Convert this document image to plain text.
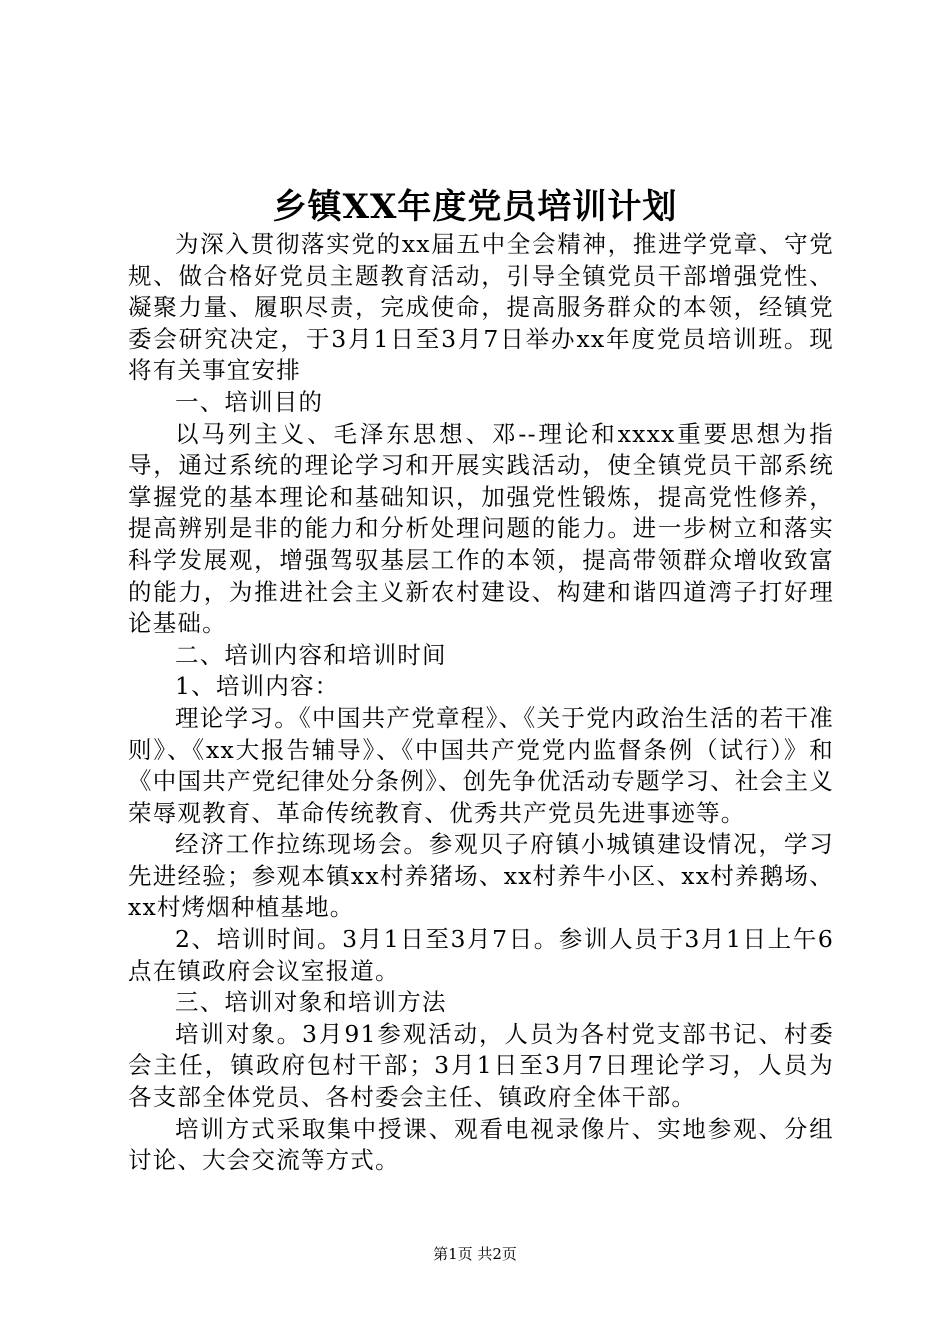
乡镇XX年度党员培训计划

为深入贯彻落实党的xx届五中全会精神，推进学党章、守党规、做合格好党员主题教育活动，引导全镇党员干部增强党性、凝聚力量、履职尽责，完成使命，提高服务群众的本领，经镇党委会研究决定，于3月1日至3月7日举办xx年度党员培训班。现将有关事宜安排

一、培训目的

以马列主义、毛泽东思想、邓--理论和xxxx重要思想为指导，通过系统的理论学习和开展实践活动，使全镇党员干部系统掌握党的基本理论和基础知识，加强党性锻炼，提高党性修养，提高辨别是非的能力和分析处理问题的能力。进一步树立和落实科学发展观，增强驾驭基层工作的本领，提高带领群众增收致富的能力，为推进社会主义新农村建设、构建和谐四道湾子打好理论基础。

二、培训内容和培训时间

1、培训内容：

理论学习。《中国共产党章程》、《关于党内政治生活的若干准则》、《xx大报告辅导》、《中国共产党党内监督条例（试行）》和《中国共产党纪律处分条例》、创先争优活动专题学习、社会主义荣辱观教育、革命传统教育、优秀共产党员先进事迹等。

经济工作拉练现场会。参观贝子府镇小城镇建设情况，学习先进经验；参观本镇xx村养猪场、xx村养牛小区、xx村养鹅场、xx村烤烟种植基地。

2、培训时间。3月1日至3月7日。参训人员于3月1日上午6点在镇政府会议室报道。

三、培训对象和培训方法

培训对象。3月91参观活动，人员为各村党支部书记、村委会主任，镇政府包村干部；3月1日至3月7日理论学习，人员为各支部全体党员、各村委会主任、镇政府全体干部。

培训方式采取集中授课、观看电视录像片、实地参观、分组讨论、大会交流等方式。

第1页 共2页
